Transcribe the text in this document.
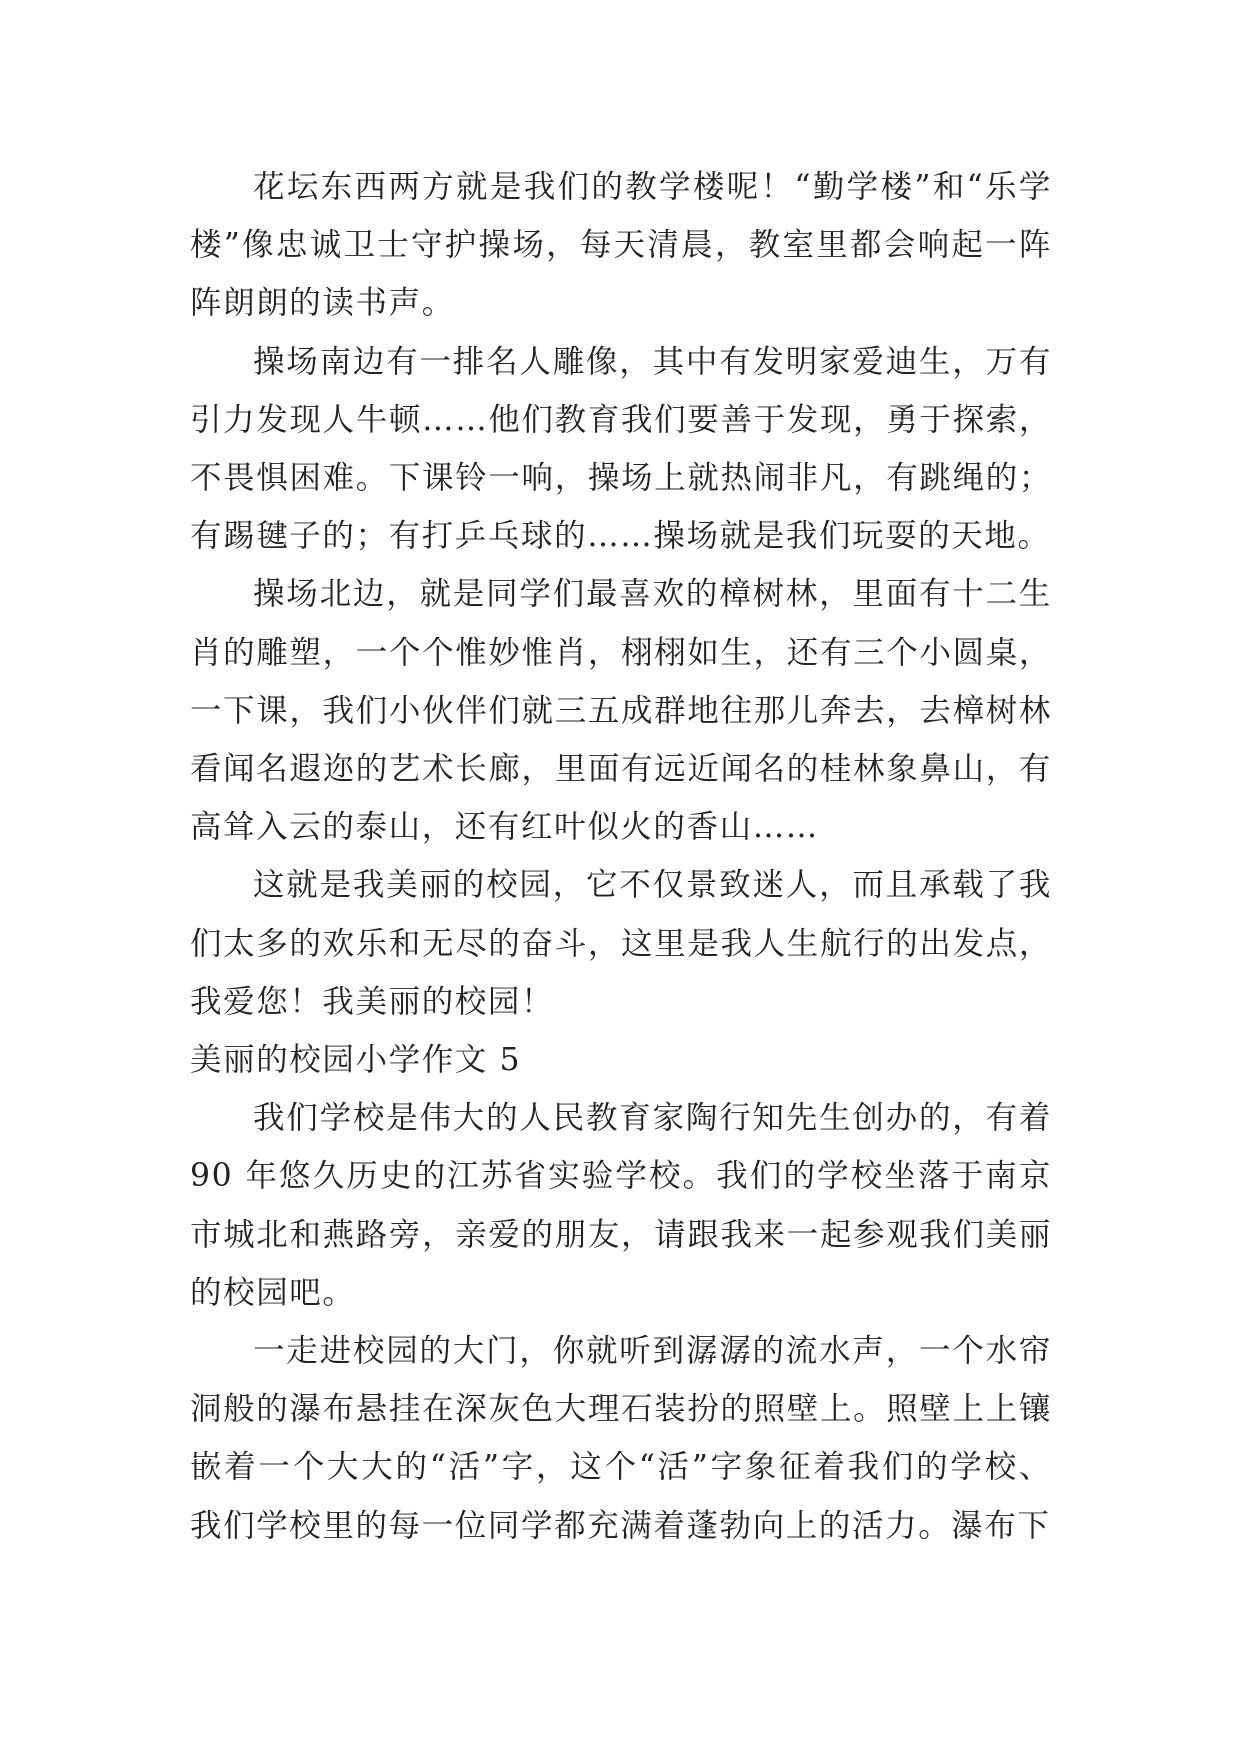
花坛东西两方就是我们的教学楼呢！“勤学楼”和“乐学楼”像忠诚卫士守护操场，每天清晨，教室里都会响起一阵阵朗朗的读书声。

操场南边有一排名人雕像，其中有发明家爱迪生，万有引力发现人牛顿……他们教育我们要善于发现，勇于探索，不畏惧困难。下课铃一响，操场上就热闹非凡，有跳绳的；有踢毽子的；有打乒乓球的……操场就是我们玩耍的天地。

操场北边，就是同学们最喜欢的樟树林，里面有十二生肖的雕塑，一个个惟妙惟肖，栩栩如生，还有三个小圆桌，一下课，我们小伙伴们就三五成群地往那儿奔去，去樟树林看闻名遐迩的艺术长廊，里面有远近闻名的桂林象鼻山，有高耸入云的泰山，还有红叶似火的香山……

这就是我美丽的校园，它不仅景致迷人，而且承载了我们太多的欢乐和无尽的奋斗，这里是我人生航行的出发点，我爱您！我美丽的校园！

美丽的校园小学作文 5

我们学校是伟大的人民教育家陶行知先生创办的，有着 90 年悠久历史的江苏省实验学校。我们的学校坐落于南京市城北和燕路旁，亲爱的朋友，请跟我来一起参观我们美丽的校园吧。

一走进校园的大门，你就听到潺潺的流水声，一个水帘洞般的瀑布悬挂在深灰色大理石装扮的照壁上。照壁上上镶嵌着一个大大的“活”字，这个“活”字象征着我们的学校、我们学校里的每一位同学都充满着蓬勃向上的活力。瀑布下
